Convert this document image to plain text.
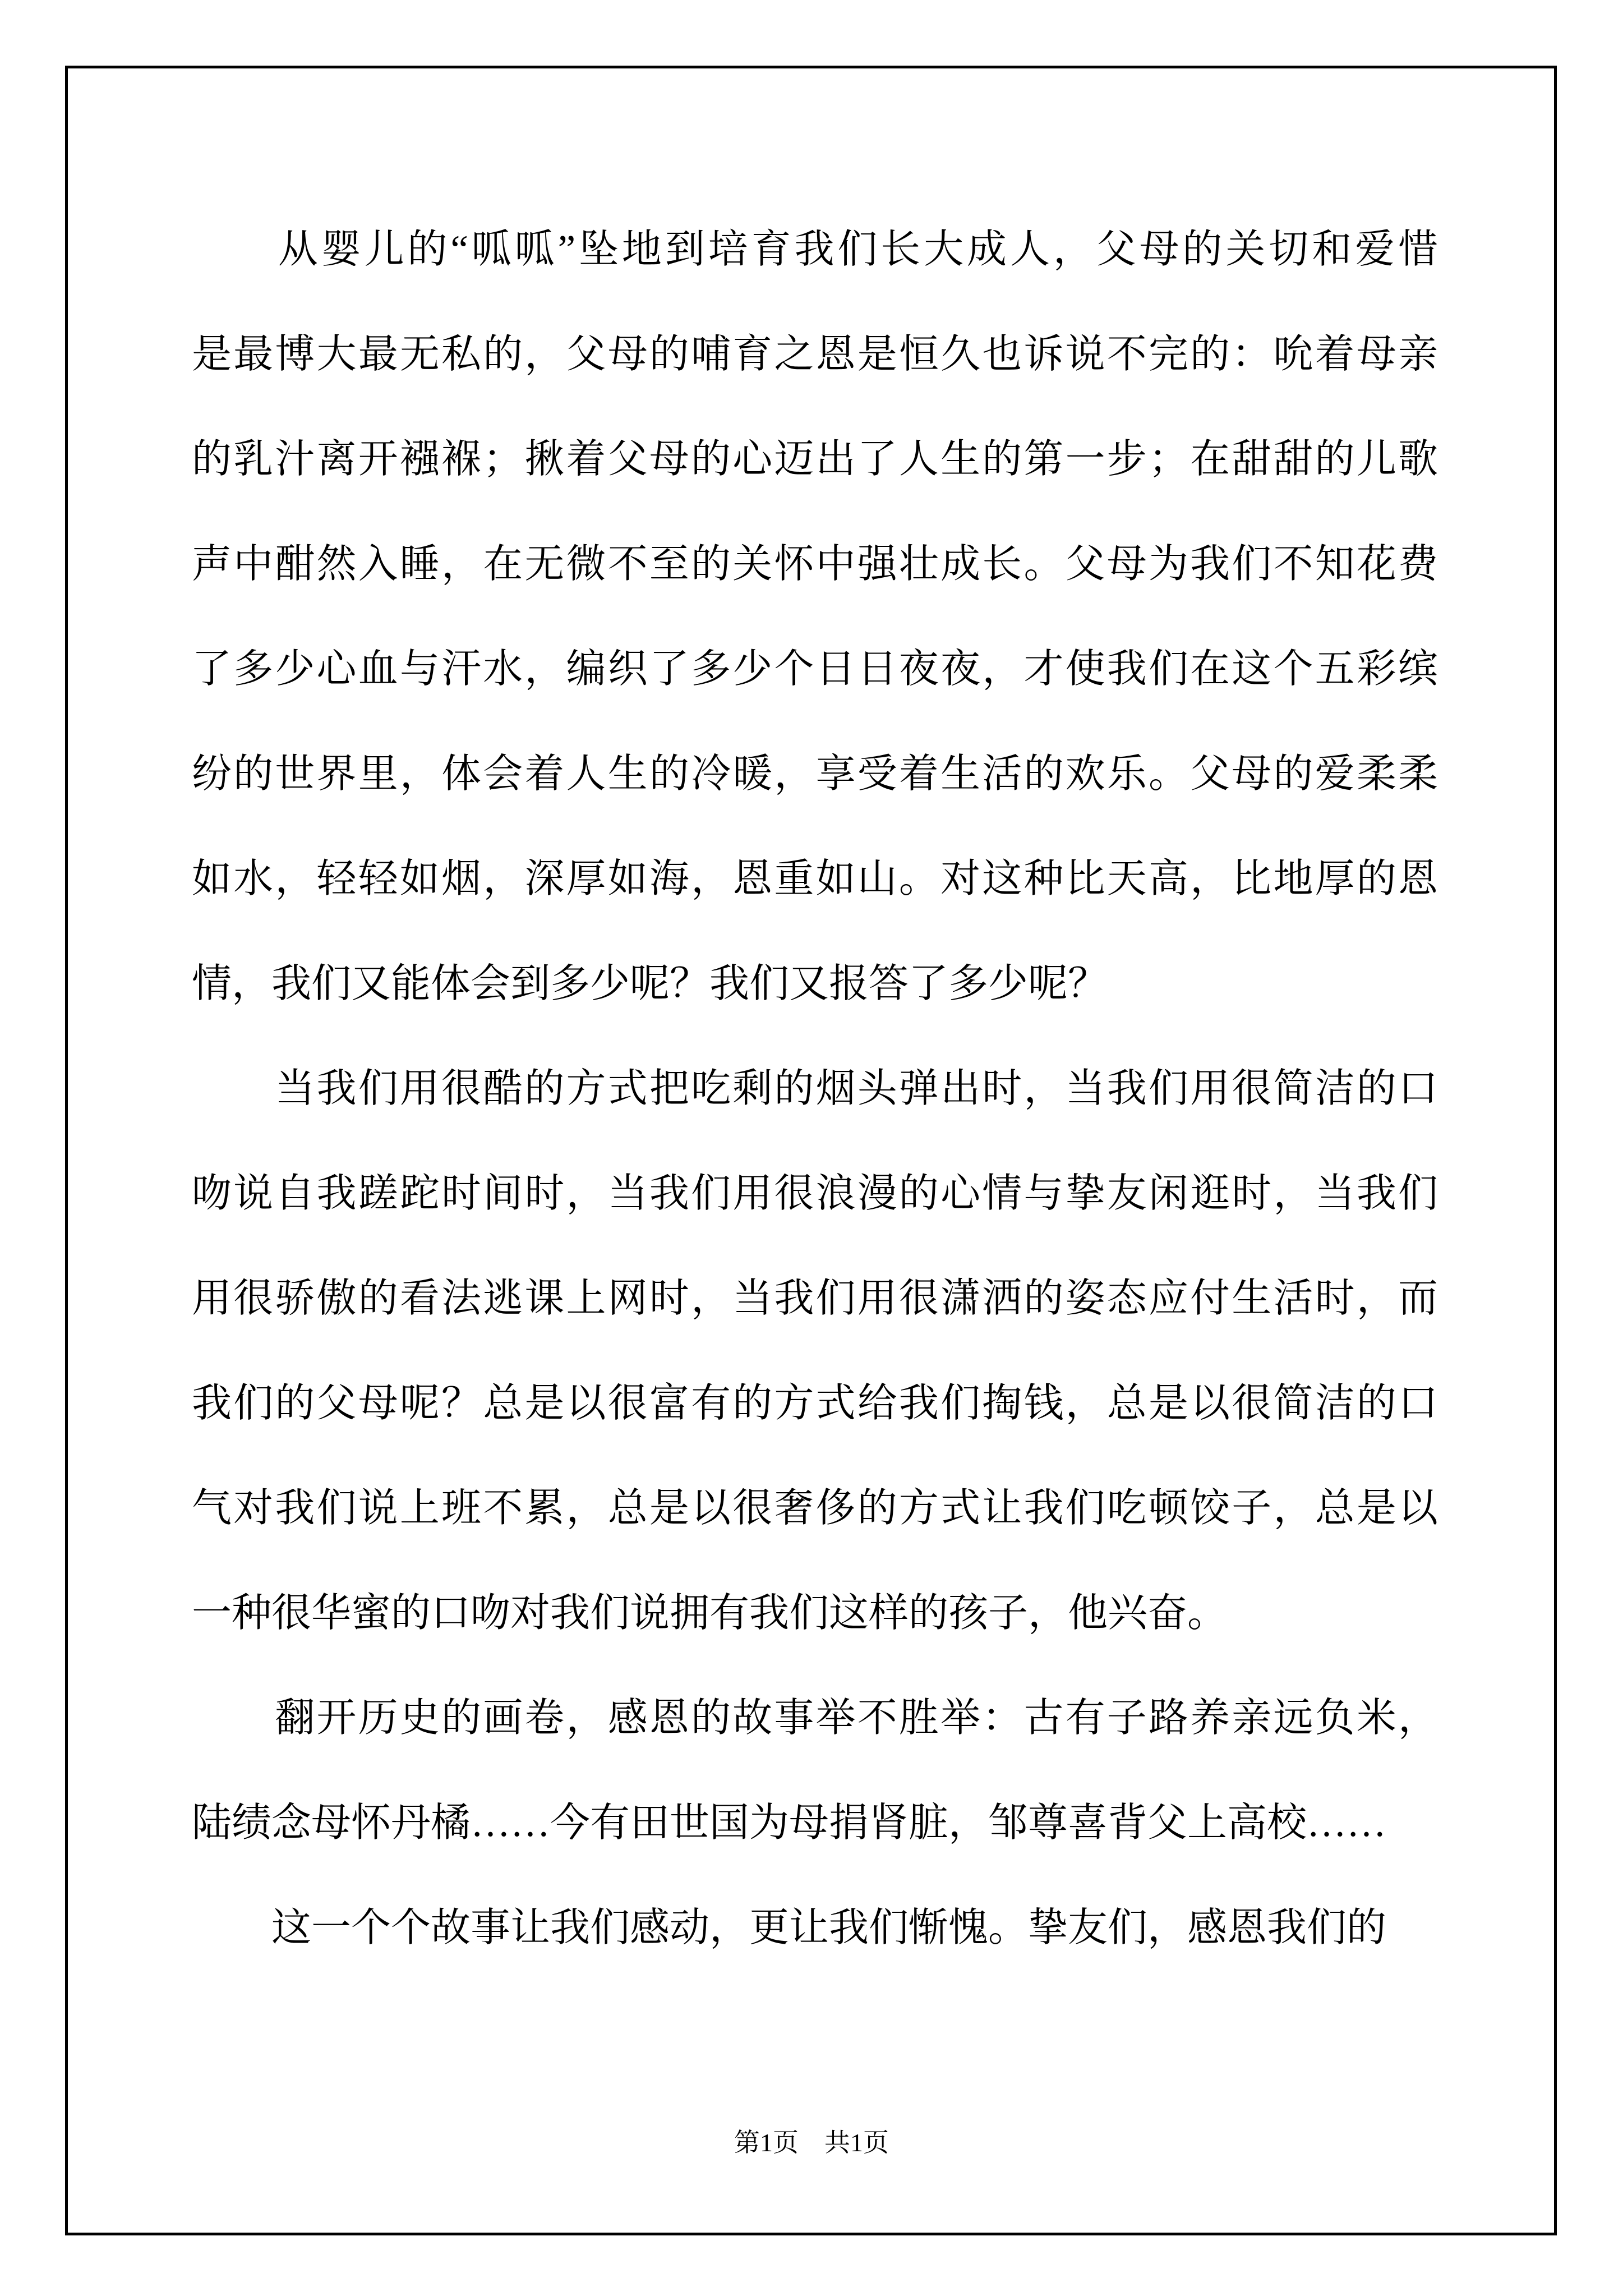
　　从婴儿的“呱呱”坠地到培育我们长大成人，父母的关切和爱惜
是最博大最无私的，父母的哺育之恩是恒久也诉说不完的：吮着母亲
的乳汁离开襁褓；揪着父母的心迈出了人生的第一步；在甜甜的儿歌
声中酣然入睡，在无微不至的关怀中强壮成长。父母为我们不知花费
了多少心血与汗水，编织了多少个日日夜夜，才使我们在这个五彩缤
纷的世界里，体会着人生的冷暖，享受着生活的欢乐。父母的爱柔柔
如水，轻轻如烟，深厚如海，恩重如山。对这种比天高，比地厚的恩
情，我们又能体会到多少呢？我们又报答了多少呢？
　　当我们用很酷的方式把吃剩的烟头弹出时，当我们用很简洁的口
吻说自我蹉跎时间时，当我们用很浪漫的心情与挚友闲逛时，当我们
用很骄傲的看法逃课上网时，当我们用很潇洒的姿态应付生活时，而
我们的父母呢？总是以很富有的方式给我们掏钱，总是以很简洁的口
气对我们说上班不累，总是以很奢侈的方式让我们吃顿饺子，总是以
一种很华蜜的口吻对我们说拥有我们这样的孩子，他兴奋。
　　翻开历史的画卷，感恩的故事举不胜举：古有子路养亲远负米，
陆绩念母怀丹橘……今有田世国为母捐肾脏，邹尊喜背父上高校……
　　这一个个故事让我们感动，更让我们惭愧。挚友们，感恩我们的
第1页　共1页
